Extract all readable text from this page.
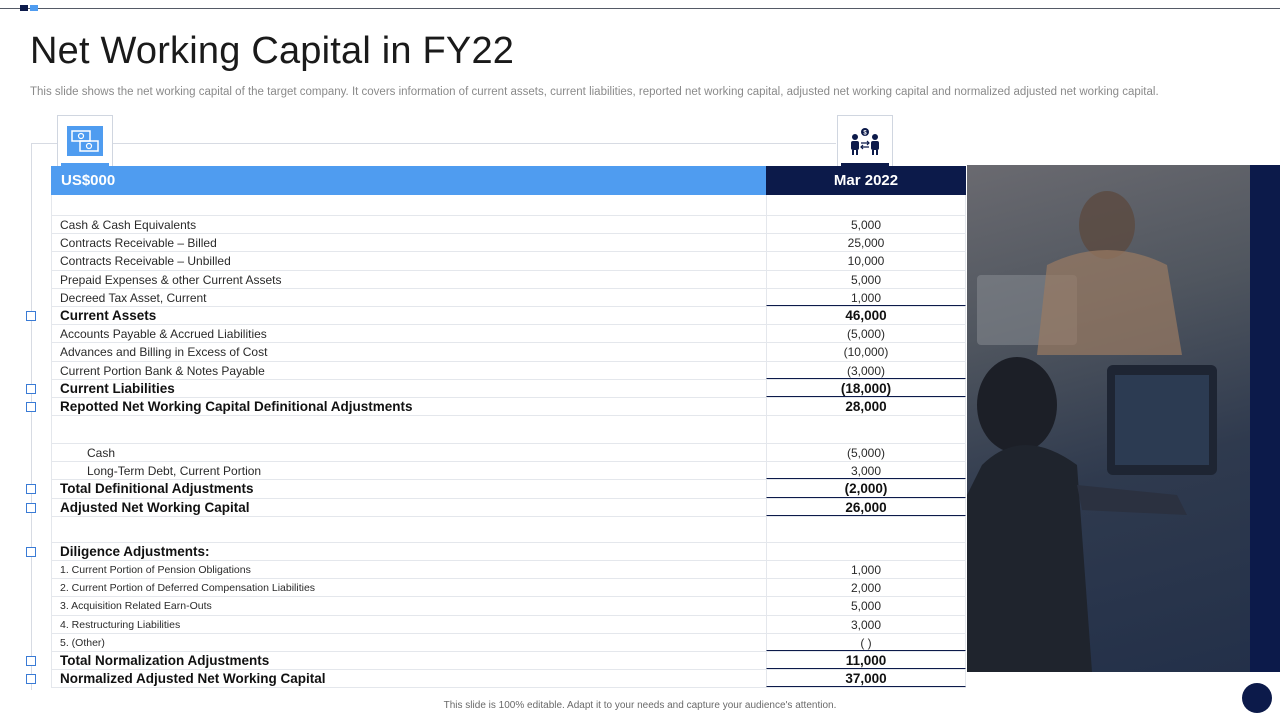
Net Working Capital in FY22
This slide shows the net working capital of the target company. It covers information of current assets, current liabilities, reported net working capital, adjusted net working capital and normalized adjusted net working capital.
$
US$000	Mar 2022
Cash & Cash Equivalents	5,000
Contracts Receivable – Billed	25,000
Contracts Receivable – Unbilled	10,000
Prepaid Expenses & other Current Assets	5,000
Decreed Tax Asset, Current	1,000
Current Assets	46,000
Accounts Payable & Accrued Liabilities	(5,000)
Advances and Billing in Excess of Cost	(10,000)
Current Portion Bank & Notes Payable	(3,000)
Current Liabilities	(18,000)
Repotted Net Working Capital Definitional Adjustments	28,000
Cash	(5,000)
Long-Term Debt, Current Portion	3,000
Total Definitional Adjustments	(2,000)
Adjusted Net Working Capital	26,000
Diligence Adjustments:
1. Current Portion of Pension Obligations	1,000
2. Current Portion of Deferred Compensation Liabilities	2,000
3. Acquisition Related Earn-Outs	5,000
4. Restructuring Liabilities	3,000
5. (Other)	( )
Total Normalization Adjustments	11,000
Normalized Adjusted Net Working Capital	37,000
This slide is 100% editable. Adapt it to your needs and capture your audience's attention.
